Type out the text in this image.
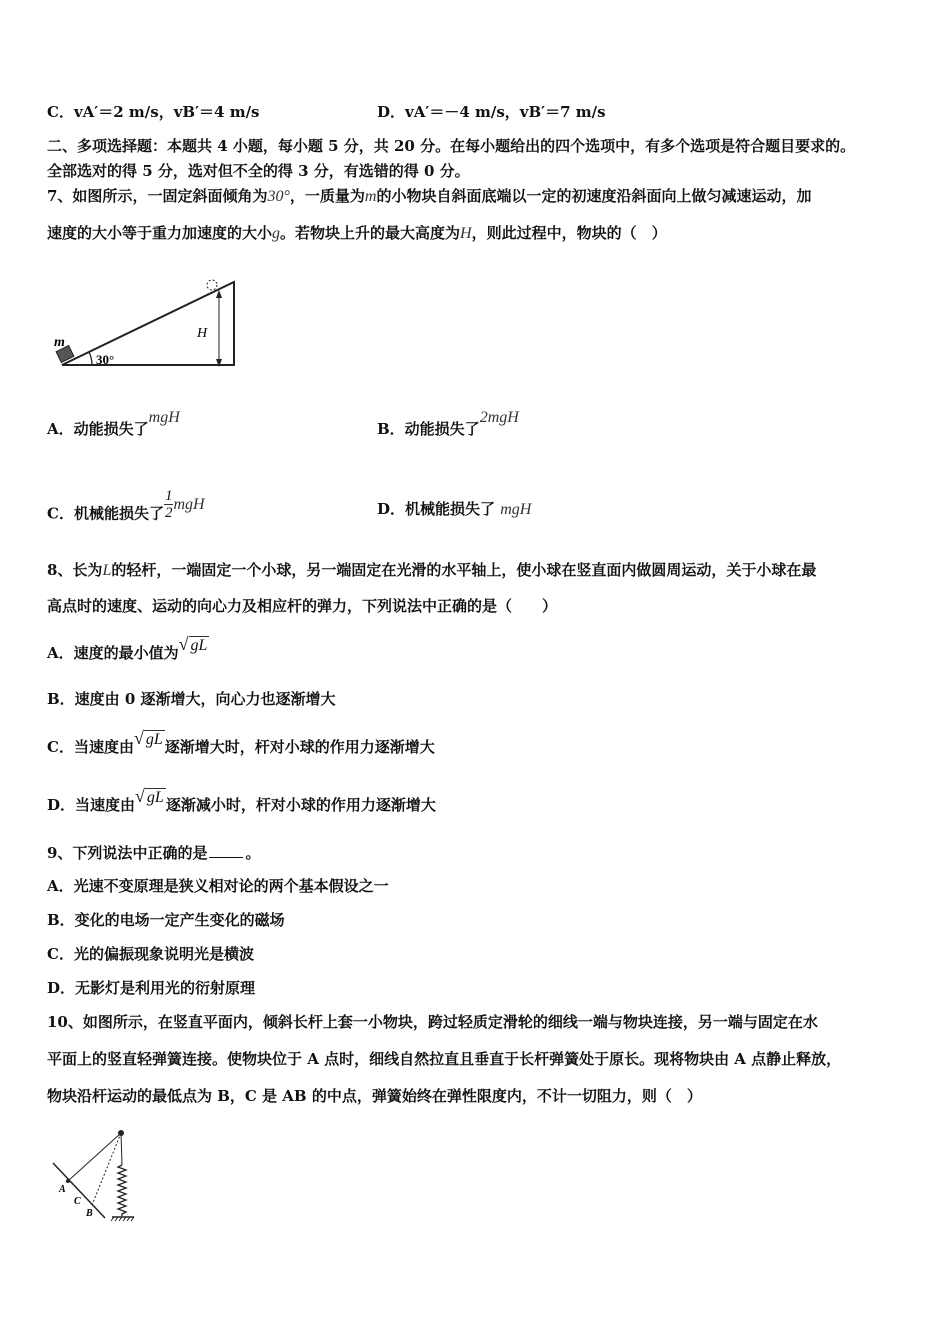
C．vA′＝2 m/s，vB′＝4 m/s	D．vA′＝－4 m/s，vB′＝7 m/s
二、多项选择题：本题共 4 小题，每小题 5 分，共 20 分。在每小题给出的四个选项中，有多个选项是符合题目要求的。
全部选对的得 5 分，选对但不全的得 3 分，有选错的得 0 分。
7、如图所示，一固定斜面倾角为30°，一质量为m的小物块自斜面底端以一定的初速度沿斜面向上做匀减速运动，加
速度的大小等于重力加速度的大小g。若物块上升的最大高度为H，则此过程中，物块的（　）
m
30°
H
A．动能损失了mgH
B．动能损失了2mgH
C．机械能损失了 $\frac{1}{2}$ mgH	D．机械能损失了 mgH
8、长为L的轻杆，一端固定一个小球，另一端固定在光滑的水平轴上，使小球在竖直面内做圆周运动，关于小球在最
高点时的速度、运动的向心力及相应杆的弹力，下列说法中正确的是（　　）
A．速度的最小值为√ gL
B．速度由 0 逐渐增大，向心力也逐渐增大
C．当速度由√ gL 逐渐增大时，杆对小球的作用力逐渐增大
D．当速度由√ gL 逐渐减小时，杆对小球的作用力逐渐增大
9、下列说法中正确的是	。
A．光速不变原理是狭义相对论的两个基本假设之一
B．变化的电场一定产生变化的磁场
C．光的偏振现象说明光是横波
D．无影灯是利用光的衍射原理
10、如图所示，在竖直平面内，倾斜长杆上套一小物块，跨过轻质定滑轮的细线一端与物块连接，另一端与固定在水
平面上的竖直轻弹簧连接。使物块位于 A 点时，细线自然拉直且垂直于长杆弹簧处于原长。现将物块由 A 点静止释放，
物块沿杆运动的最低点为 B，C 是 AB 的中点，弹簧始终在弹性限度内，不计一切阻力，则（　）
A
C
B
